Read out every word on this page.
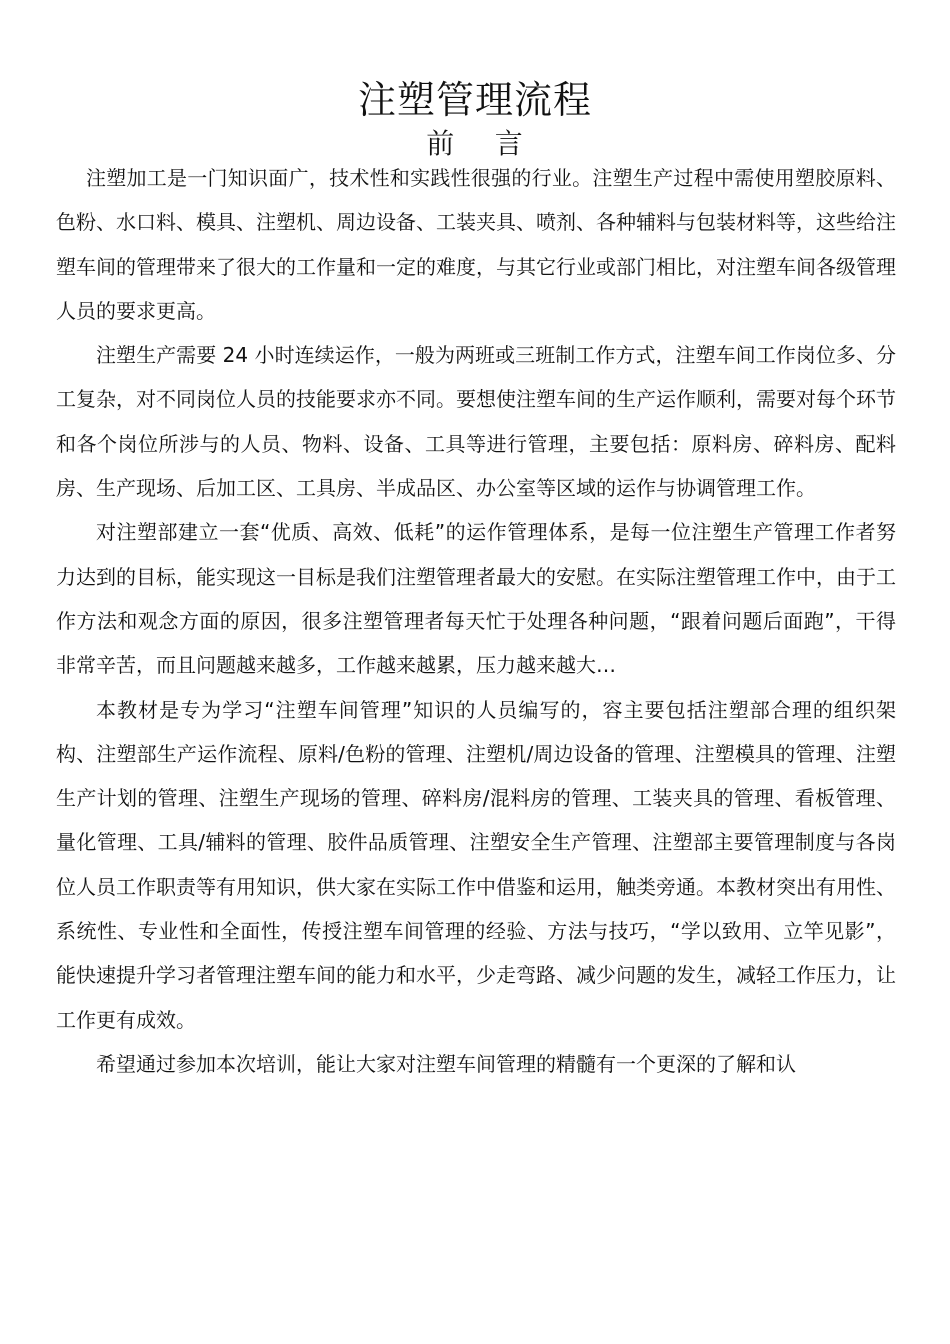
注塑管理流程
前    言

注塑加工是一门知识面广，技术性和实践性很强的行业。注塑生产过程中需使用塑胶原料、色粉、水口料、模具、注塑机、周边设备、工装夹具、喷剂、各种辅料与包装材料等，这些给注塑车间的管理带来了很大的工作量和一定的难度，与其它行业或部门相比，对注塑车间各级管理人员的要求更高。

注塑生产需要 24 小时连续运作，一般为两班或三班制工作方式，注塑车间工作岗位多、分工复杂，对不同岗位人员的技能要求亦不同。要想使注塑车间的生产运作顺利，需要对每个环节和各个岗位所涉与的人员、物料、设备、工具等进行管理，主要包括：原料房、碎料房、配料房、生产现场、后加工区、工具房、半成品区、办公室等区域的运作与协调管理工作。

对注塑部建立一套“优质、高效、低耗”的运作管理体系，是每一位注塑生产管理工作者努力达到的目标，能实现这一目标是我们注塑管理者最大的安慰。在实际注塑管理工作中，由于工作方法和观念方面的原因，很多注塑管理者每天忙于处理各种问题，“跟着问题后面跑”，干得非常辛苦，而且问题越来越多，工作越来越累，压力越来越大…

本教材是专为学习“注塑车间管理”知识的人员编写的，容主要包括注塑部合理的组织架构、注塑部生产运作流程、原料/色粉的管理、注塑机/周边设备的管理、注塑模具的管理、注塑生产计划的管理、注塑生产现场的管理、碎料房/混料房的管理、工装夹具的管理、看板管理、量化管理、工具/辅料的管理、胶件品质管理、注塑安全生产管理、注塑部主要管理制度与各岗位人员工作职责等有用知识，供大家在实际工作中借鉴和运用，触类旁通。本教材突出有用性、系统性、专业性和全面性，传授注塑车间管理的经验、方法与技巧，“学以致用、立竿见影”，能快速提升学习者管理注塑车间的能力和水平，少走弯路、减少问题的发生，减轻工作压力，让工作更有成效。

希望通过参加本次培训，能让大家对注塑车间管理的精髓有一个更深的了解和认
